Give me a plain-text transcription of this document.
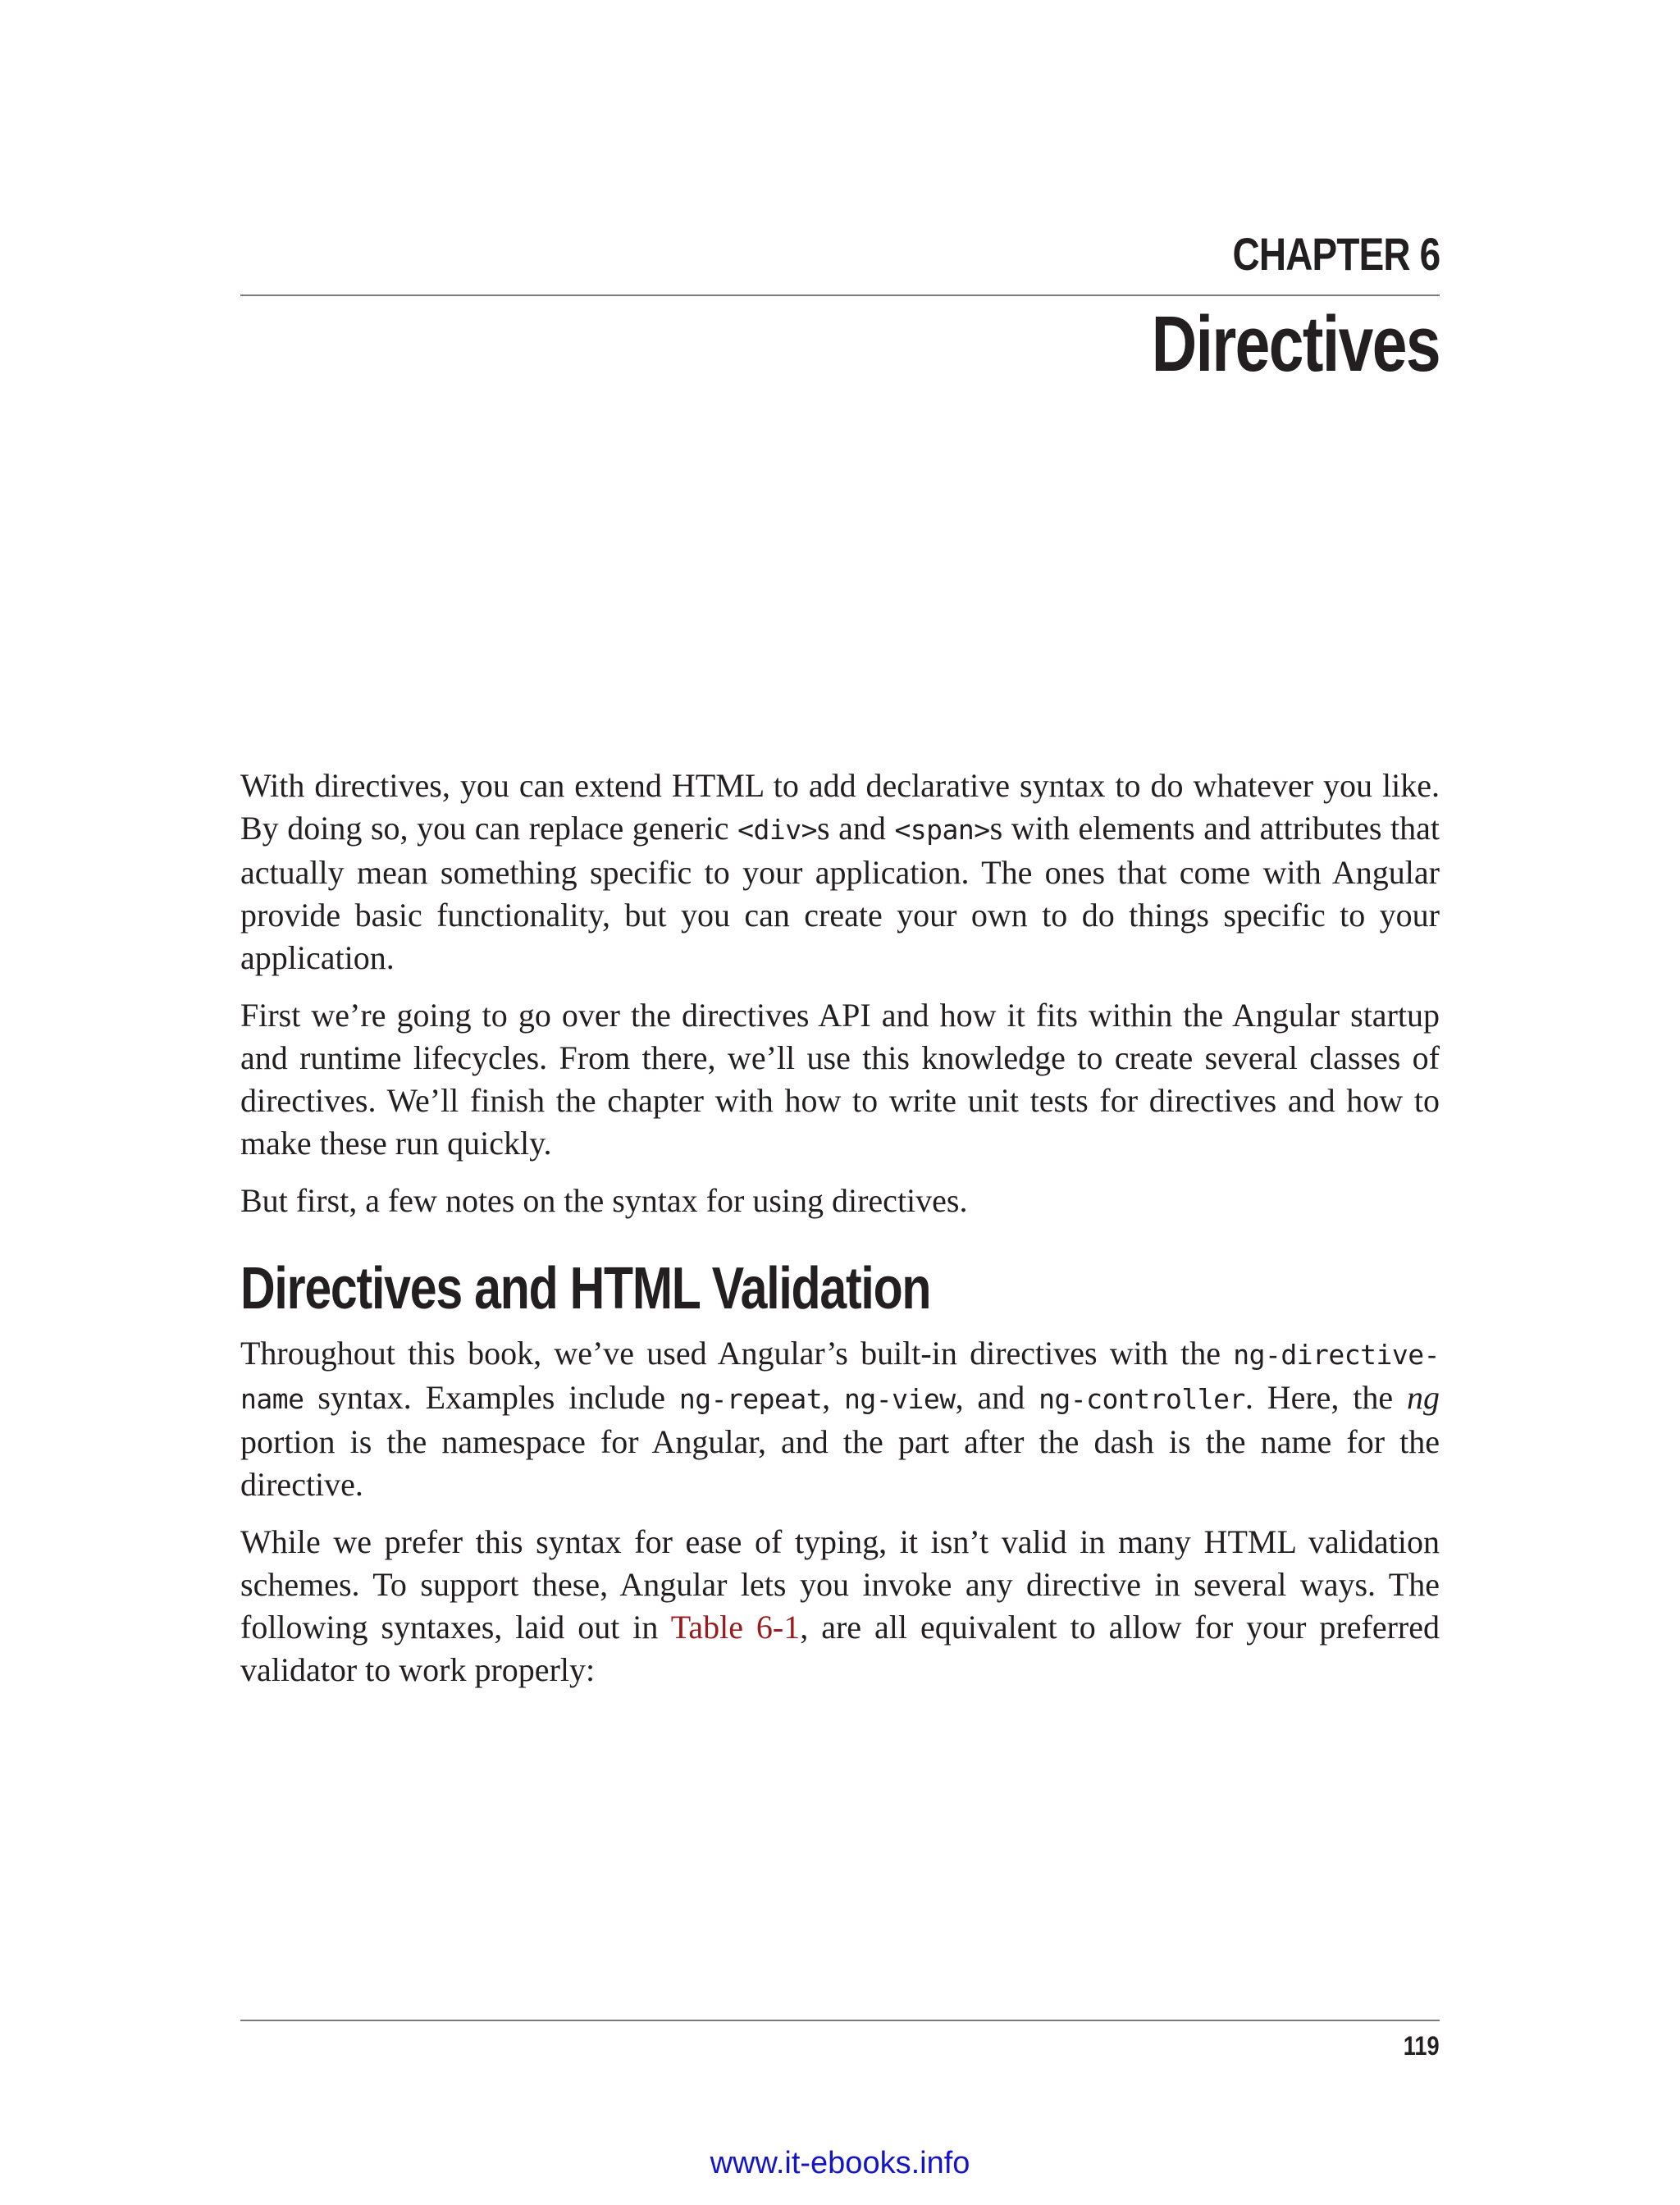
CHAPTER 6
Directives

With directives, you can extend HTML to add declarative syntax to do whatever you like. By doing so, you can replace generic <div>s and <span>s with elements and attributes that actually mean something specific to your application. The ones that come with Angular provide basic functionality, but you can create your own to do things specific to your application.

First we’re going to go over the directives API and how it fits within the Angular startup and runtime lifecycles. From there, we’ll use this knowledge to create several classes of directives. We’ll finish the chapter with how to write unit tests for directives and how to make these run quickly.

But first, a few notes on the syntax for using directives.

Directives and HTML Validation

Throughout this book, we’ve used Angular’s built-in directives with the ng-directive-name syntax. Examples include ng-repeat, ng-view, and ng-controller. Here, the ng portion is the namespace for Angular, and the part after the dash is the name for the directive.

While we prefer this syntax for ease of typing, it isn’t valid in many HTML validation schemes. To support these, Angular lets you invoke any directive in several ways. The following syntaxes, laid out in Table 6-1, are all equivalent to allow for your preferred validator to work properly:

119
www.it-ebooks.info
